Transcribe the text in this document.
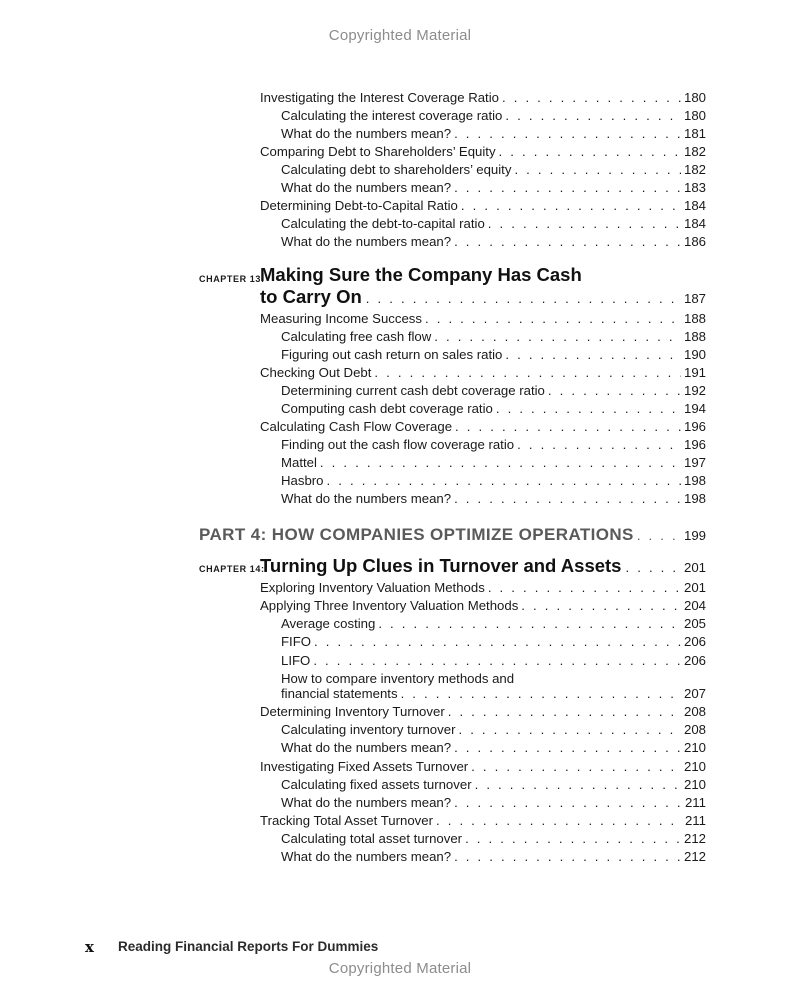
Copyrighted Material
Investigating the Interest Coverage Ratio . . .	180
Calculating the interest coverage ratio . . .	180
What do the numbers mean? . . .	181
Comparing Debt to Shareholders’ Equity . . .	182
Calculating debt to shareholders’ equity . . .	182
What do the numbers mean? . . .	183
Determining Debt-to-Capital Ratio . . .	184
Calculating the debt-to-capital ratio . . .	184
What do the numbers mean? . . .	186
CHAPTER 13:
Making Sure the Company Has Cash
to Carry On . . .	187
Measuring Income Success . . .	188
Calculating free cash flow . . .	188
Figuring out cash return on sales ratio . . .	190
Checking Out Debt . . .	191
Determining current cash debt coverage ratio . . .	192
Computing cash debt coverage ratio . . .	194
Calculating Cash Flow Coverage . . .	196
Finding out the cash flow coverage ratio . . .	196
Mattel . . .	197
Hasbro . . .	198
What do the numbers mean? . . .	198
PART 4: HOW COMPANIES OPTIMIZE OPERATIONS . . .	199
CHAPTER 14:
Turning Up Clues in Turnover and Assets . . .	201
Exploring Inventory Valuation Methods . . .	201
Applying Three Inventory Valuation Methods . . .	204
Average costing . . .	205
FIFO . . .	206
LIFO . . .	206
How to compare inventory methods and
financial statements . . .	207
Determining Inventory Turnover . . .	208
Calculating inventory turnover . . .	208
What do the numbers mean? . . .	210
Investigating Fixed Assets Turnover . . .	210
Calculating fixed assets turnover . . .	210
What do the numbers mean? . . .	211
Tracking Total Asset Turnover . . .	211
Calculating total asset turnover . . .	212
What do the numbers mean? . . .	212
x Reading Financial Reports For Dummies
Copyrighted Material
